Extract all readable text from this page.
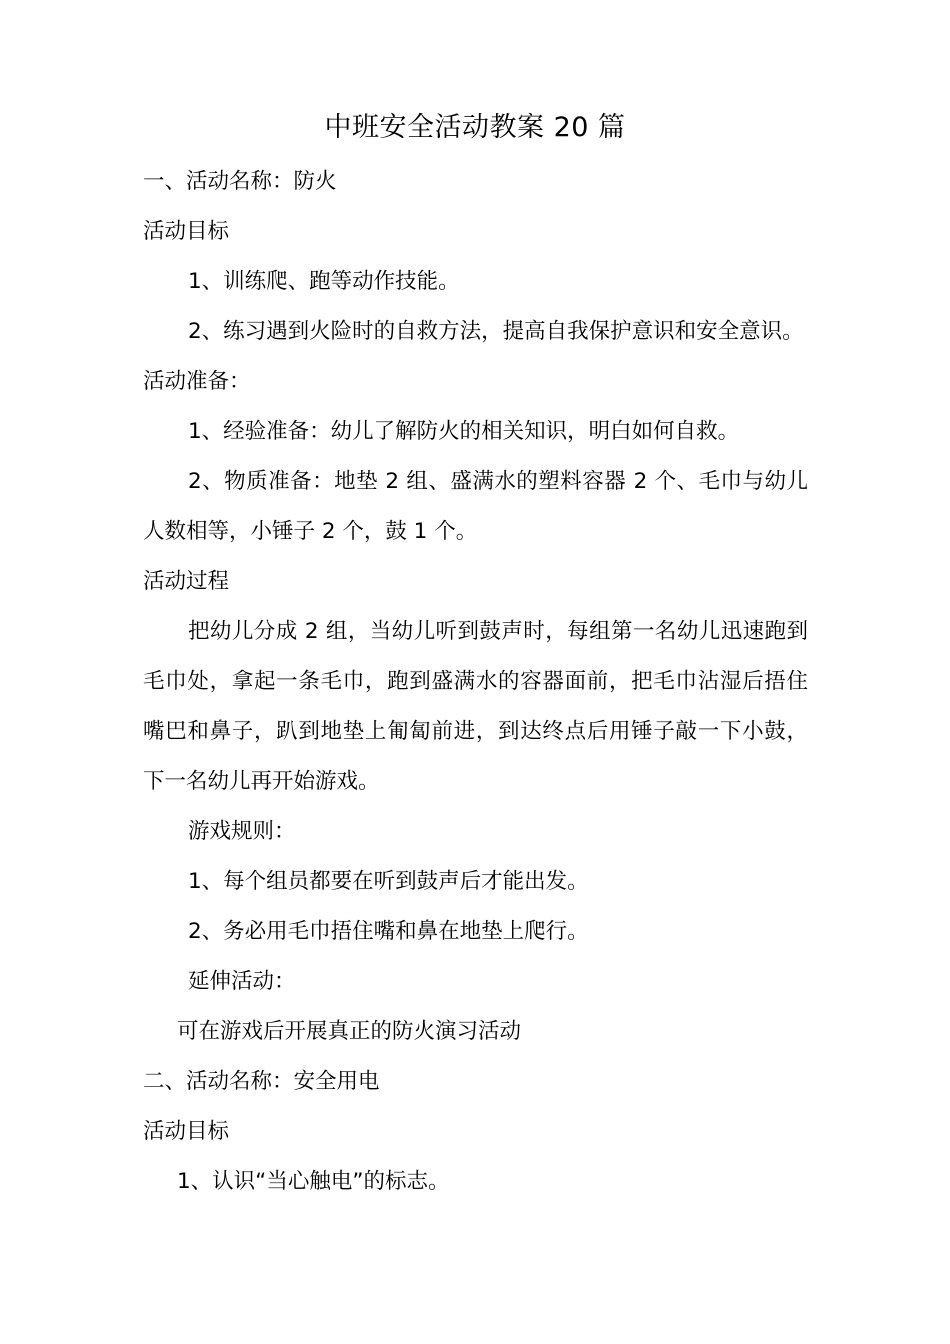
中班安全活动教案 20 篇
一、活动名称：防火
活动目标
1、训练爬、跑等动作技能。
2、练习遇到火险时的自救方法，提高自我保护意识和安全意识。
活动准备：
1、经验准备：幼儿了解防火的相关知识，明白如何自救。
2、物质准备：地垫 2 组、盛满水的塑料容器 2 个、毛巾与幼儿
人数相等，小锤子 2 个，鼓 1 个。
活动过程
把幼儿分成 2 组，当幼儿听到鼓声时，每组第一名幼儿迅速跑到
毛巾处，拿起一条毛巾，跑到盛满水的容器面前，把毛巾沾湿后捂住
嘴巴和鼻子，趴到地垫上匍匐前进，到达终点后用锤子敲一下小鼓，
下一名幼儿再开始游戏。
游戏规则：
1、每个组员都要在听到鼓声后才能出发。
2、务必用毛巾捂住嘴和鼻在地垫上爬行。
延伸活动：
可在游戏后开展真正的防火演习活动
二、活动名称：安全用电
活动目标
1、认识“当心触电”的标志。
